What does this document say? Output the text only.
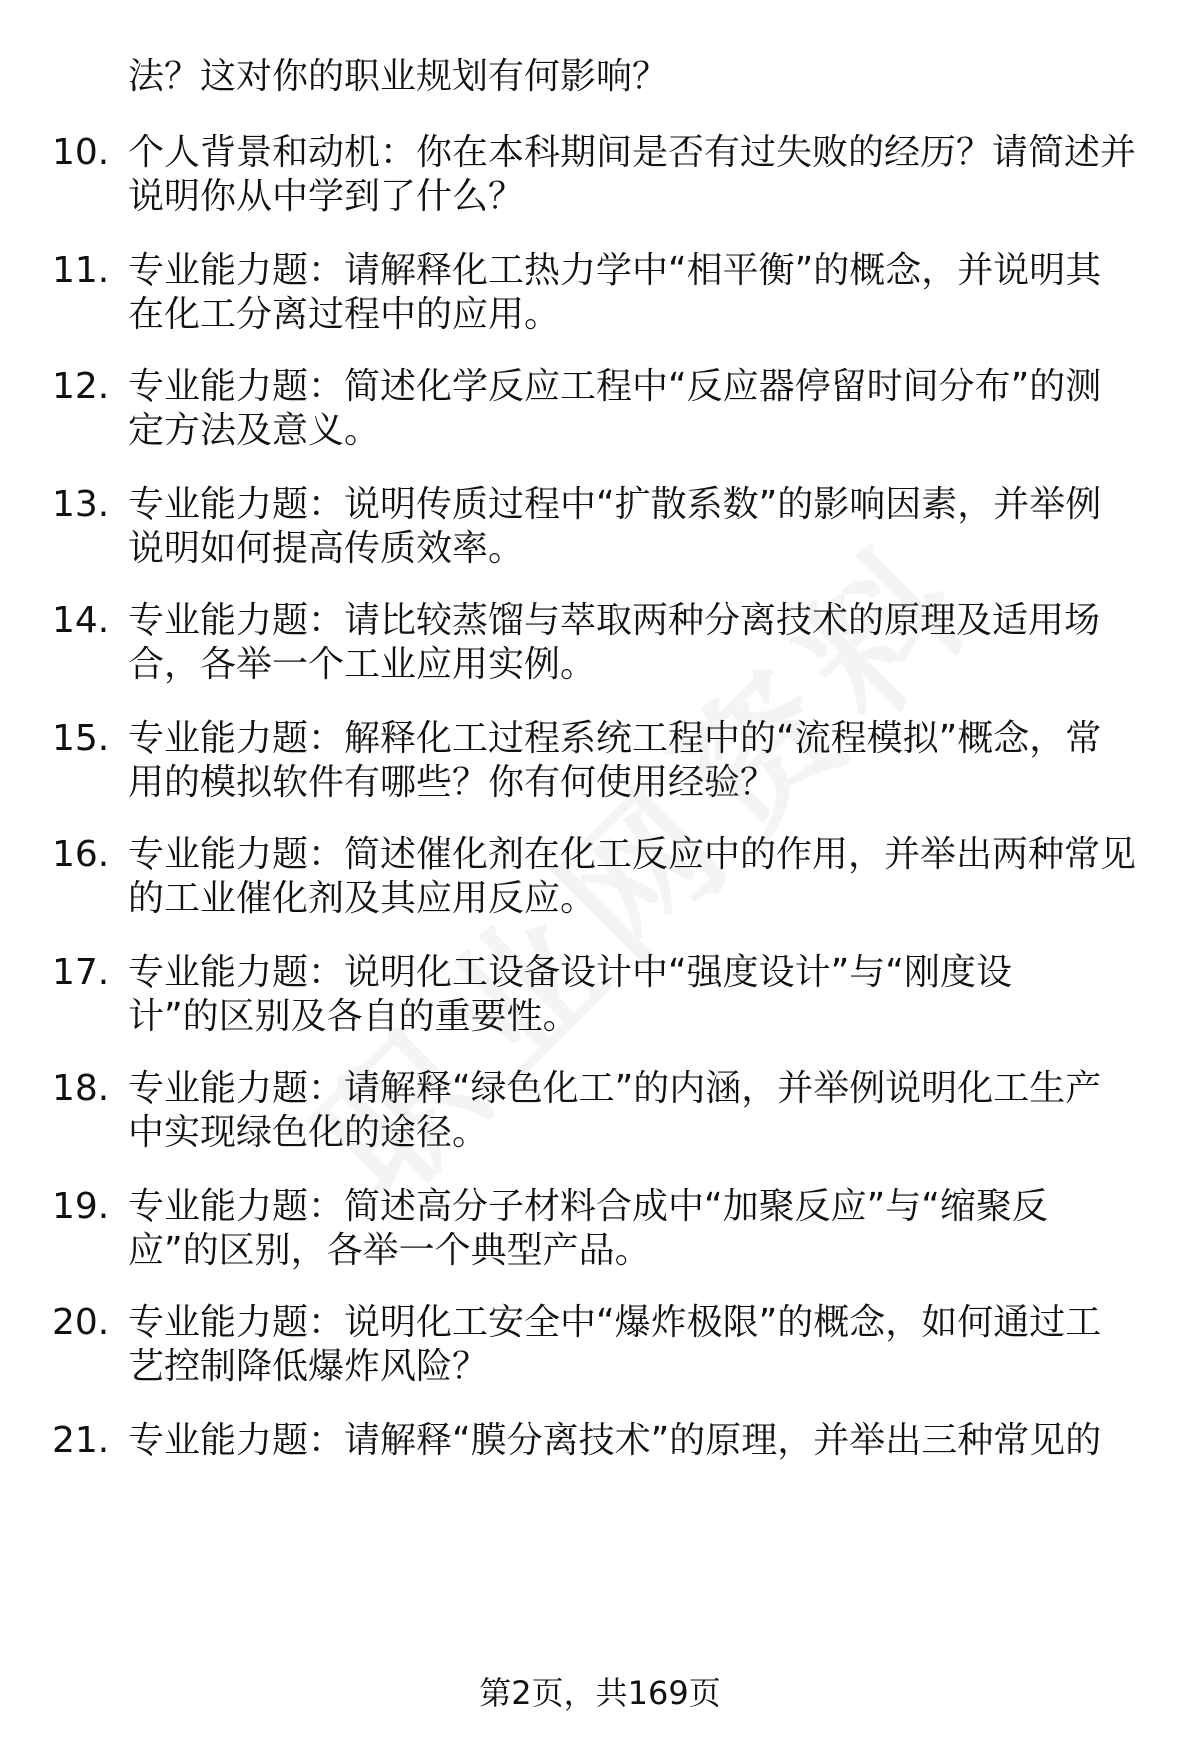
法？这对你的职业规划有何影响？
10. 个人背景和动机：你在本科期间是否有过失败的经历？请简述并
说明你从中学到了什么？
11. 专业能力题：请解释化工热力学中“相平衡”的概念，并说明其
在化工分离过程中的应用。
12. 专业能力题：简述化学反应工程中“反应器停留时间分布”的测
定方法及意义。
13. 专业能力题：说明传质过程中“扩散系数”的影响因素，并举例
说明如何提高传质效率。
14. 专业能力题：请比较蒸馏与萃取两种分离技术的原理及适用场
合，各举一个工业应用实例。
15. 专业能力题：解释化工过程系统工程中的“流程模拟”概念，常
用的模拟软件有哪些？你有何使用经验？
16. 专业能力题：简述催化剂在化工反应中的作用，并举出两种常见
的工业催化剂及其应用反应。
17. 专业能力题：说明化工设备设计中“强度设计”与“刚度设
计”的区别及各自的重要性。
18. 专业能力题：请解释“绿色化工”的内涵，并举例说明化工生产
中实现绿色化的途径。
19. 专业能力题：简述高分子材料合成中“加聚反应”与“缩聚反
应”的区别，各举一个典型产品。
20. 专业能力题：说明化工安全中“爆炸极限”的概念，如何通过工
艺控制降低爆炸风险？
21. 专业能力题：请解释“膜分离技术”的原理，并举出三种常见的
第2页，共169页
